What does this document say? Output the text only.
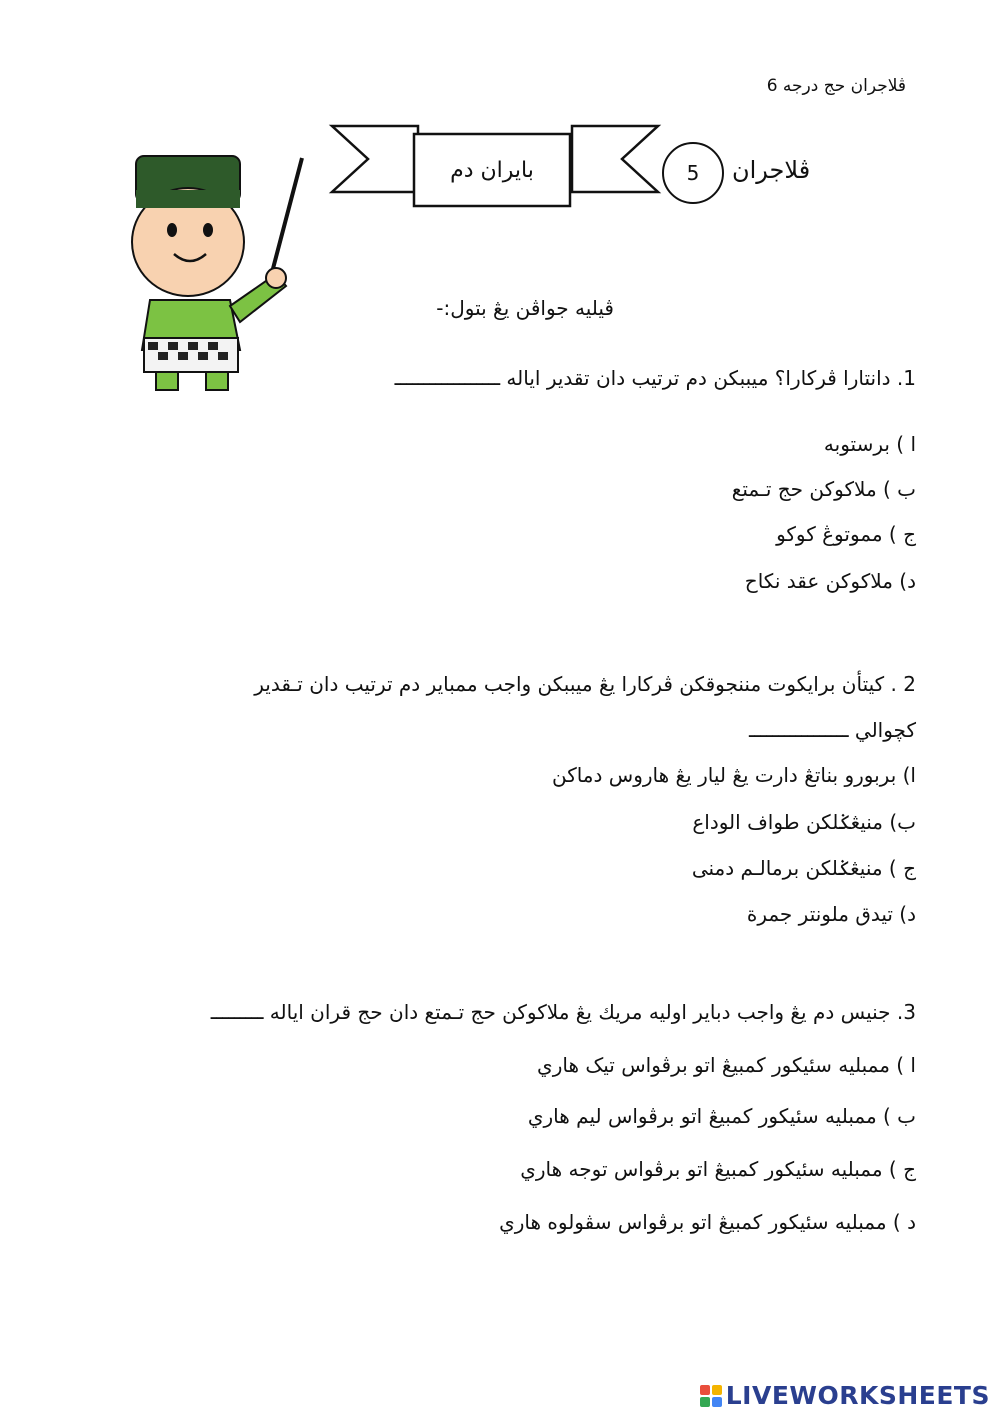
ڤلاجران حج درجه 6
بايران دم	5	ڤلاجران
ڤيليه جواڤن يڠ بتول:-
1. دانتارا ڤركارا؟ ميببكن دم ترتيب دان تقدير اياله ــــــــــــــــــ
ا ) برستوبه
ب ) ملاكوكن حج تـمتع
ج ) مموتوڠ كوكو
د) ملاكوكن عقد نكاح
2 . كيتأن برايكوت مننجوقكن ڤركارا يڠ ميببكن واجب ممباير دم ترتيب دان تـقدير
كچوالي ـــــــــــــــــ
ا) بربورو بناتڠ دارت يڠ ليار يڠ هاروس دماكن
ب) منيڠݢلكن طواف الوداع
ج ) منيڠݢلكن برمالـم دمنى
د) تيدق ملونتر جمرة
3. جنيس دم يڠ واجب دباير اوليه مريك يڠ ملاكوكن حج تـمتع دان حج قران اياله ـــــــــ
ا ) ممبليه سئيكور كمبيڠ اتو برڤواس تيک هاري
ب ) ممبليه سئيكور كمبيڠ اتو برڤواس ليم هاري
ج ) ممبليه سئيكور كمبيڠ اتو برڤواس توجه هاري
د ) ممبليه سئيكور كمبيڠ اتو برڤواس سڤولوه هاري
LIVEWORKSHEETS
